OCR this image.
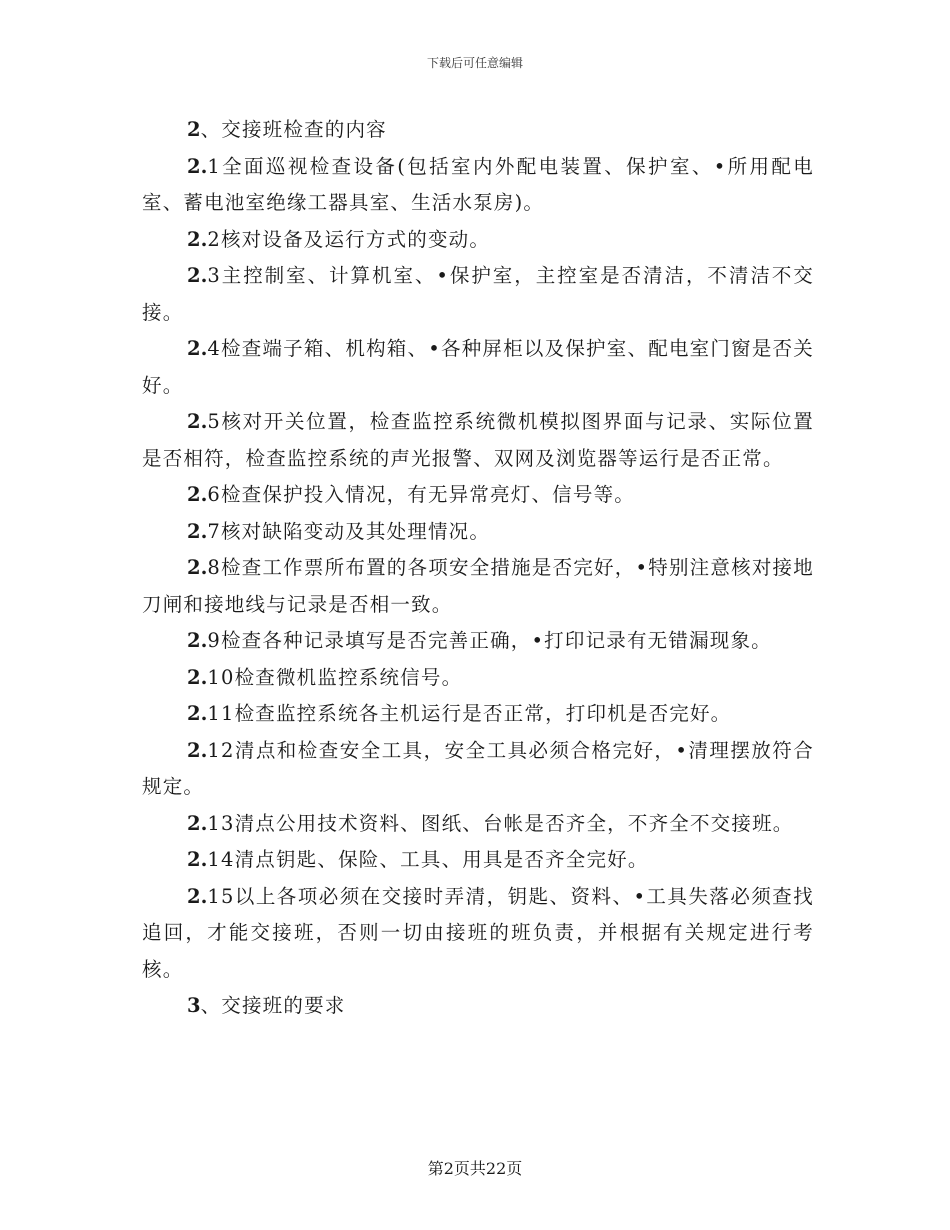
下载后可任意编辑

2、交接班检查的内容

2.1全面巡视检查设备(包括室内外配电装置、保护室、•所用配电室、蓄电池室绝缘工器具室、生活水泵房)。

2.2核对设备及运行方式的变动。

2.3主控制室、计算机室、•保护室，主控室是否清洁，不清洁不交接。

2.4检查端子箱、机构箱、•各种屏柜以及保护室、配电室门窗是否关好。

2.5核对开关位置，检查监控系统微机模拟图界面与记录、实际位置是否相符，检查监控系统的声光报警、双网及浏览器等运行是否正常。

2.6检查保护投入情况，有无异常亮灯、信号等。

2.7核对缺陷变动及其处理情况。

2.8检查工作票所布置的各项安全措施是否完好，•特别注意核对接地刀闸和接地线与记录是否相一致。

2.9检查各种记录填写是否完善正确，•打印记录有无错漏现象。

2.10检查微机监控系统信号。

2.11检查监控系统各主机运行是否正常，打印机是否完好。

2.12清点和检查安全工具，安全工具必须合格完好，•清理摆放符合规定。

2.13清点公用技术资料、图纸、台帐是否齐全，不齐全不交接班。

2.14清点钥匙、保险、工具、用具是否齐全完好。

2.15以上各项必须在交接时弄清，钥匙、资料、•工具失落必须查找追回，才能交接班，否则一切由接班的班负责，并根据有关规定进行考核。

3、交接班的要求

第2页共22页
